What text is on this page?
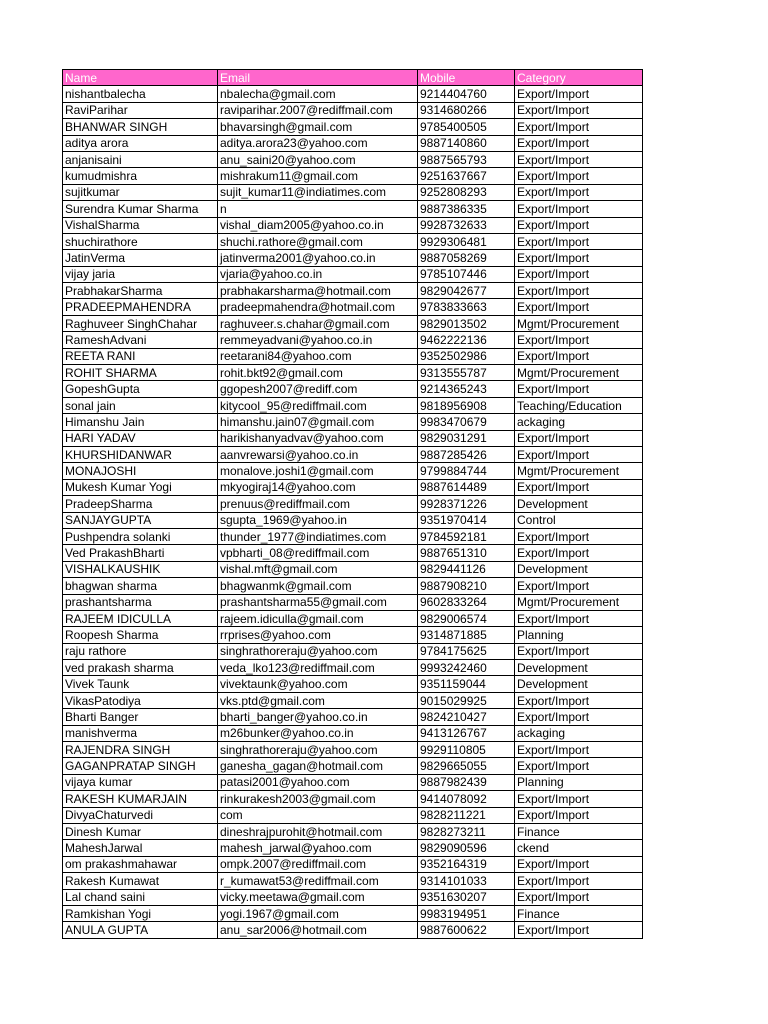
Name	Email	Mobile	Category
nishantbalecha	nbalecha@gmail.com	9214404760	Export/Import
RaviParihar	raviparihar.2007@rediffmail.com	9314680266	Export/Import
BHANWAR SINGH	bhavarsingh@gmail.com	9785400505	Export/Import
aditya arora	aditya.arora23@yahoo.com	9887140860	Export/Import
anjanisaini	anu_saini20@yahoo.com	9887565793	Export/Import
kumudmishra	mishrakum11@gmail.com	9251637667	Export/Import
sujitkumar	sujit_kumar11@indiatimes.com	9252808293	Export/Import
Surendra Kumar Sharma	n	9887386335	Export/Import
VishalSharma	vishal_diam2005@yahoo.co.in	9928732633	Export/Import
shuchirathore	shuchi.rathore@gmail.com	9929306481	Export/Import
JatinVerma	jatinverma2001@yahoo.co.in	9887058269	Export/Import
vijay jaria	vjaria@yahoo.co.in	9785107446	Export/Import
PrabhakarSharma	prabhakarsharma@hotmail.com	9829042677	Export/Import
PRADEEPMAHENDRA	pradeepmahendra@hotmail.com	9783833663	Export/Import
Raghuveer SinghChahar	raghuveer.s.chahar@gmail.com	9829013502	Mgmt/Procurement
RameshAdvani	remmeyadvani@yahoo.co.in	9462222136	Export/Import
REETA RANI	reetarani84@yahoo.com	9352502986	Export/Import
ROHIT SHARMA	rohit.bkt92@gmail.com	9313555787	Mgmt/Procurement
GopeshGupta	ggopesh2007@rediff.com	9214365243	Export/Import
sonal jain	kitycool_95@rediffmail.com	9818956908	Teaching/Education
Himanshu Jain	himanshu.jain07@gmail.com	9983470679	ackaging
HARI YADAV	harikishanyadvav@yahoo.com	9829031291	Export/Import
KHURSHIDANWAR	aanvrewarsi@yahoo.co.in	9887285426	Export/Import
MONAJOSHI	monalove.joshi1@gmail.com	9799884744	Mgmt/Procurement
Mukesh Kumar Yogi	mkyogiraj14@yahoo.com	9887614489	Export/Import
PradeepSharma	prenuus@rediffmail.com	9928371226	Development
SANJAYGUPTA	sgupta_1969@yahoo.in	9351970414	Control
Pushpendra solanki	thunder_1977@indiatimes.com	9784592181	Export/Import
Ved PrakashBharti	vpbharti_08@rediffmail.com	9887651310	Export/Import
VISHALKAUSHIK	vishal.mft@gmail.com	9829441126	Development
bhagwan sharma	bhagwanmk@gmail.com	9887908210	Export/Import
prashantsharma	prashantsharma55@gmail.com	9602833264	Mgmt/Procurement
RAJEEM IDICULLA	rajeem.idiculla@gmail.com	9829006574	Export/Import
Roopesh Sharma	rrprises@yahoo.com	9314871885	Planning
raju rathore	singhrathoreraju@yahoo.com	9784175625	Export/Import
ved prakash sharma	veda_lko123@rediffmail.com	9993242460	Development
Vivek Taunk	vivektaunk@yahoo.com	9351159044	Development
VikasPatodiya	vks.ptd@gmail.com	9015029925	Export/Import
Bharti Banger	bharti_banger@yahoo.co.in	9824210427	Export/Import
manishverma	m26bunker@yahoo.co.in	9413126767	ackaging
RAJENDRA SINGH	singhrathoreraju@yahoo.com	9929110805	Export/Import
GAGANPRATAP SINGH	ganesha_gagan@hotmail.com	9829665055	Export/Import
vijaya kumar	patasi2001@yahoo.com	9887982439	Planning
RAKESH KUMARJAIN	rinkurakesh2003@gmail.com	9414078092	Export/Import
DivyaChaturvedi	com	9828211221	Export/Import
Dinesh Kumar	dineshrajpurohit@hotmail.com	9828273211	Finance
MaheshJarwal	mahesh_jarwal@yahoo.com	9829090596	ckend
om prakashmahawar	ompk.2007@rediffmail.com	9352164319	Export/Import
Rakesh Kumawat	r_kumawat53@rediffmail.com	9314101033	Export/Import
Lal chand saini	vicky.meetawa@gmail.com	9351630207	Export/Import
Ramkishan Yogi	yogi.1967@gmail.com	9983194951	Finance
ANULA GUPTA	anu_sar2006@hotmail.com	9887600622	Export/Import
